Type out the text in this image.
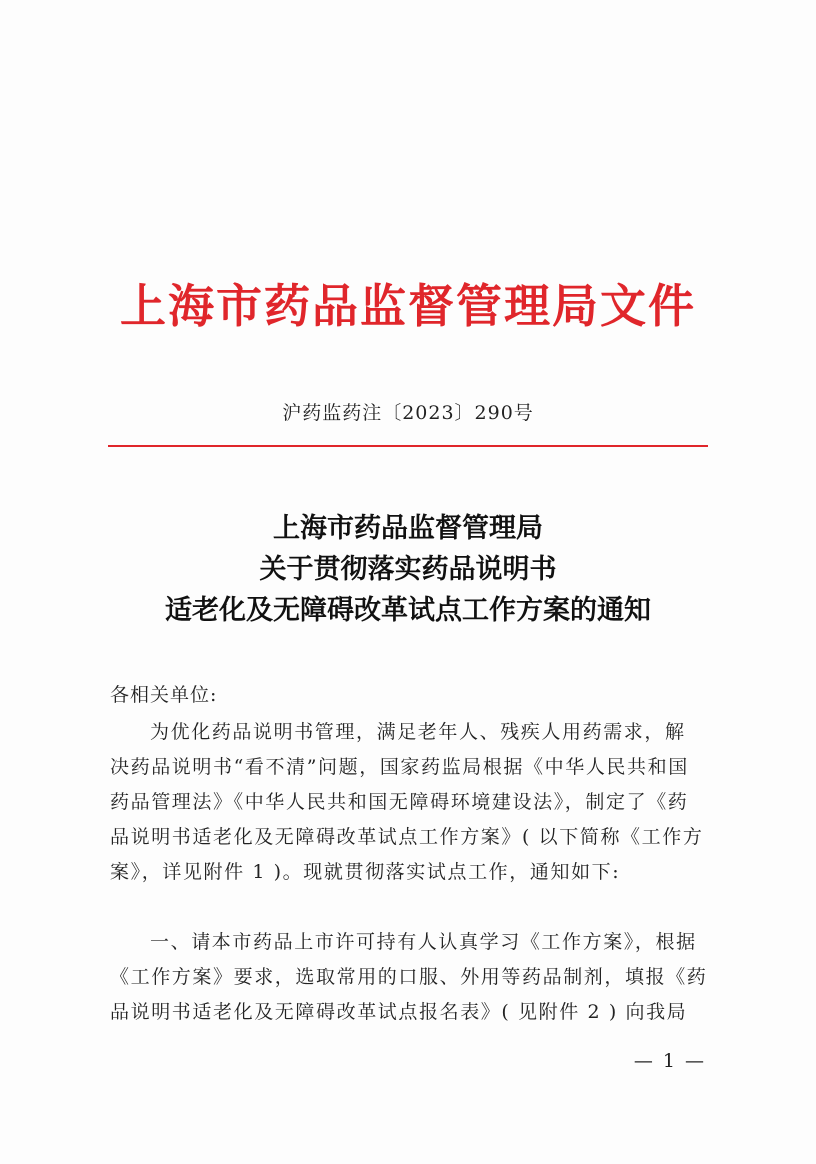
上海市药品监督管理局文件
沪药监药注〔2023〕290号
上海市药品监督管理局
关于贯彻落实药品说明书
适老化及无障碍改革试点工作方案的通知
各相关单位:
为优化药品说明书管理，满足老年人、残疾人用药需求，解
决药品说明书“看不清”问题，国家药监局根据《中华人民共和国
药品管理法》《中华人民共和国无障碍环境建设法》，制定了《药
品说明书适老化及无障碍改革试点工作方案》( 以下简称《工作方
案》，详见附件 1 )。现就贯彻落实试点工作，通知如下:
一、请本市药品上市许可持有人认真学习《工作方案》，根据
《工作方案》要求，选取常用的口服、外用等药品制剂，填报《药
品说明书适老化及无障碍改革试点报名表》( 见附件 2 ) 向我局
— 1 —
